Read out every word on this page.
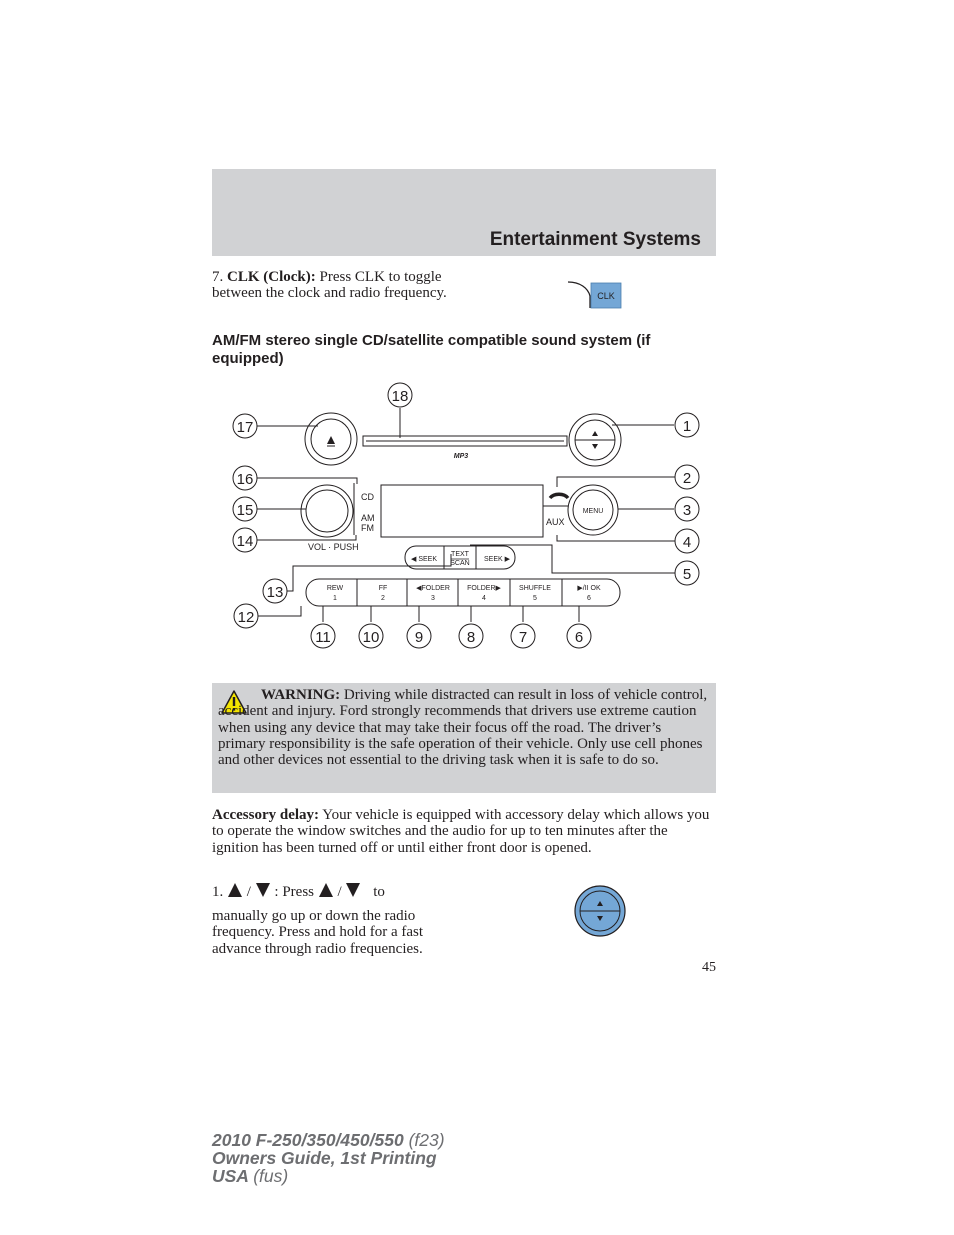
Entertainment Systems

7. CLK (Clock): Press CLK to toggle between the clock and radio frequency.	CLK
AM/FM stereo single CD/satellite compatible sound system (if equipped)
CD
AM
FM
VOL · PUSH
AUX
MENU
MP3
◀ SEEK
TEXT
SCAN
SEEK ▶
REW
1
FF
2
◀FOLDER
3
FOLDER▶
4
SHUFFLE
5
▶/II OK
6
17
18
1
2
3
4
5
16
15
14
13
12
11 10 9	8	7	6

WARNING: Driving while distracted can result in loss of vehicle control, accident and injury. Ford strongly recommends that drivers use extreme caution when using any device that may take their focus off the road. The driver’s primary responsibility is the safe operation of their vehicle. Only use cell phones and other devices not essential to the driving task when it is safe to do so.

Accessory delay: Your vehicle is equipped with accessory delay which allows you to operate the window switches and the audio for up to ten minutes after the ignition has been turned off or until either front door is opened.

1. / : Press / to

manually go up or down the radio frequency. Press and hold for a fast advance through radio frequencies.

45
2010 F-250/350/450/550 (f23)
Owners Guide, 1st Printing
USA (fus)
